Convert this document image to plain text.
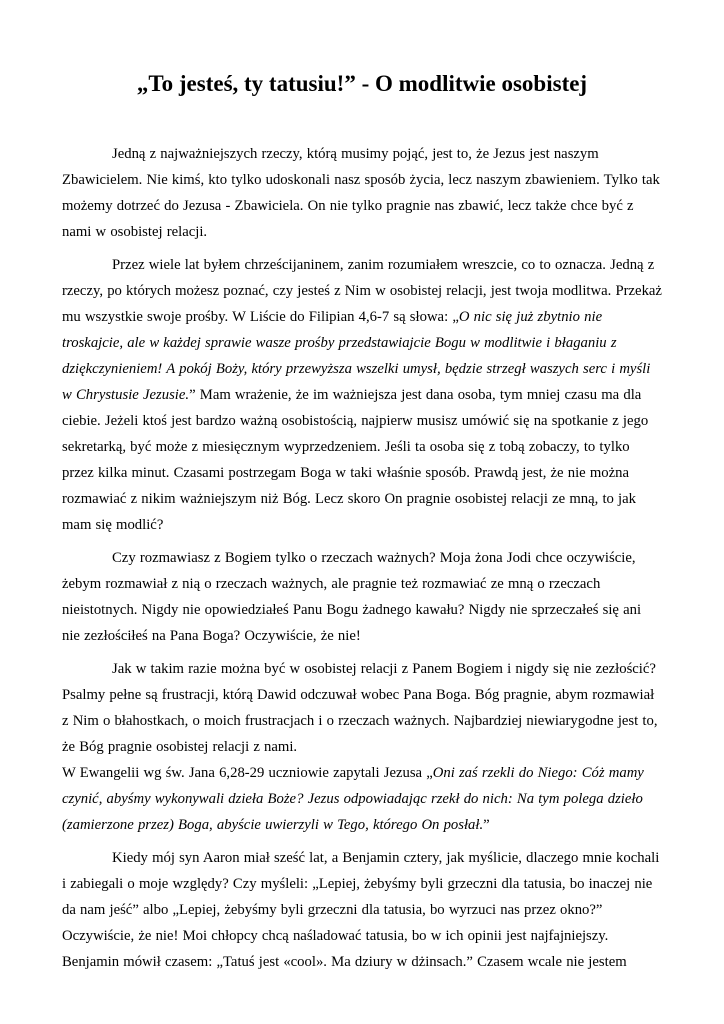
„To jesteś, ty tatusiu!” - O modlitwie osobistej

Jedną z najważniejszych rzeczy, którą musimy pojąć, jest to, że Jezus jest naszym Zbawicielem. Nie kimś, kto tylko udoskonali nasz sposób życia, lecz naszym zbawieniem. Tylko tak możemy dotrzeć do Jezusa - Zbawiciela. On nie tylko pragnie nas zbawić, lecz także chce być z nami w osobistej relacji.

Przez wiele lat byłem chrześcijaninem, zanim rozumiałem wreszcie, co to oznacza. Jedną z rzeczy, po których możesz poznać, czy jesteś z Nim w osobistej relacji, jest twoja modlitwa. Przekaż mu wszystkie swoje prośby. W Liście do Filipian 4,6-7 są słowa: „O nic się już zbytnio nie troskajcie, ale w każdej sprawie wasze prośby przedstawiajcie Bogu w modlitwie i błaganiu z dziękczynieniem! A pokój Boży, który przewyższa wszelki umysł, będzie strzegł waszych serc i myśli w Chrystusie Jezusie.” Mam wrażenie, że im ważniejsza jest dana osoba, tym mniej czasu ma dla ciebie. Jeżeli ktoś jest bardzo ważną osobistością, najpierw musisz umówić się na spotkanie z jego sekretarką, być może z miesięcznym wyprzedzeniem. Jeśli ta osoba się z tobą zobaczy, to tylko przez kilka minut. Czasami postrzegam Boga w taki właśnie sposób. Prawdą jest, że nie można rozmawiać z nikim ważniejszym niż Bóg. Lecz skoro On pragnie osobistej relacji ze mną, to jak mam się modlić?

Czy rozmawiasz z Bogiem tylko o rzeczach ważnych? Moja żona Jodi chce oczywiście, żebym rozmawiał z nią o rzeczach ważnych, ale pragnie też rozmawiać ze mną o rzeczach nieistotnych. Nigdy nie opowiedziałeś Panu Bogu żadnego kawału? Nigdy nie sprzeczałeś się ani nie zezłościłeś na Pana Boga? Oczywiście, że nie!

Jak w takim razie można być w osobistej relacji z Panem Bogiem i nigdy się nie zezłościć? Psalmy pełne są frustracji, którą Dawid odczuwał wobec Pana Boga. Bóg pragnie, abym rozmawiał z Nim o błahostkach, o moich frustracjach i o rzeczach ważnych. Najbardziej niewiarygodne jest to, że Bóg pragnie osobistej relacji z nami.
W Ewangelii wg św. Jana 6,28-29 uczniowie zapytali Jezusa „Oni zaś rzekli do Niego: Cóż mamy czynić, abyśmy wykonywali dzieła Boże? Jezus odpowiadając rzekł do nich: Na tym polega dzieło (zamierzone przez) Boga, abyście uwierzyli w Tego, którego On posłał.”

Kiedy mój syn Aaron miał sześć lat, a Benjamin cztery, jak myślicie, dlaczego mnie kochali i zabiegali o moje względy? Czy myśleli: „Lepiej, żebyśmy byli grzeczni dla tatusia, bo inaczej nie da nam jeść” albo „Lepiej, żebyśmy byli grzeczni dla tatusia, bo wyrzuci nas przez okno?” Oczywiście, że nie! Moi chłopcy chcą naśladować tatusia, bo w ich opinii jest najfajniejszy. Benjamin mówił czasem: „Tatuś jest «cool». Ma dziury w dżinsach.” Czasem wcale nie jestem
